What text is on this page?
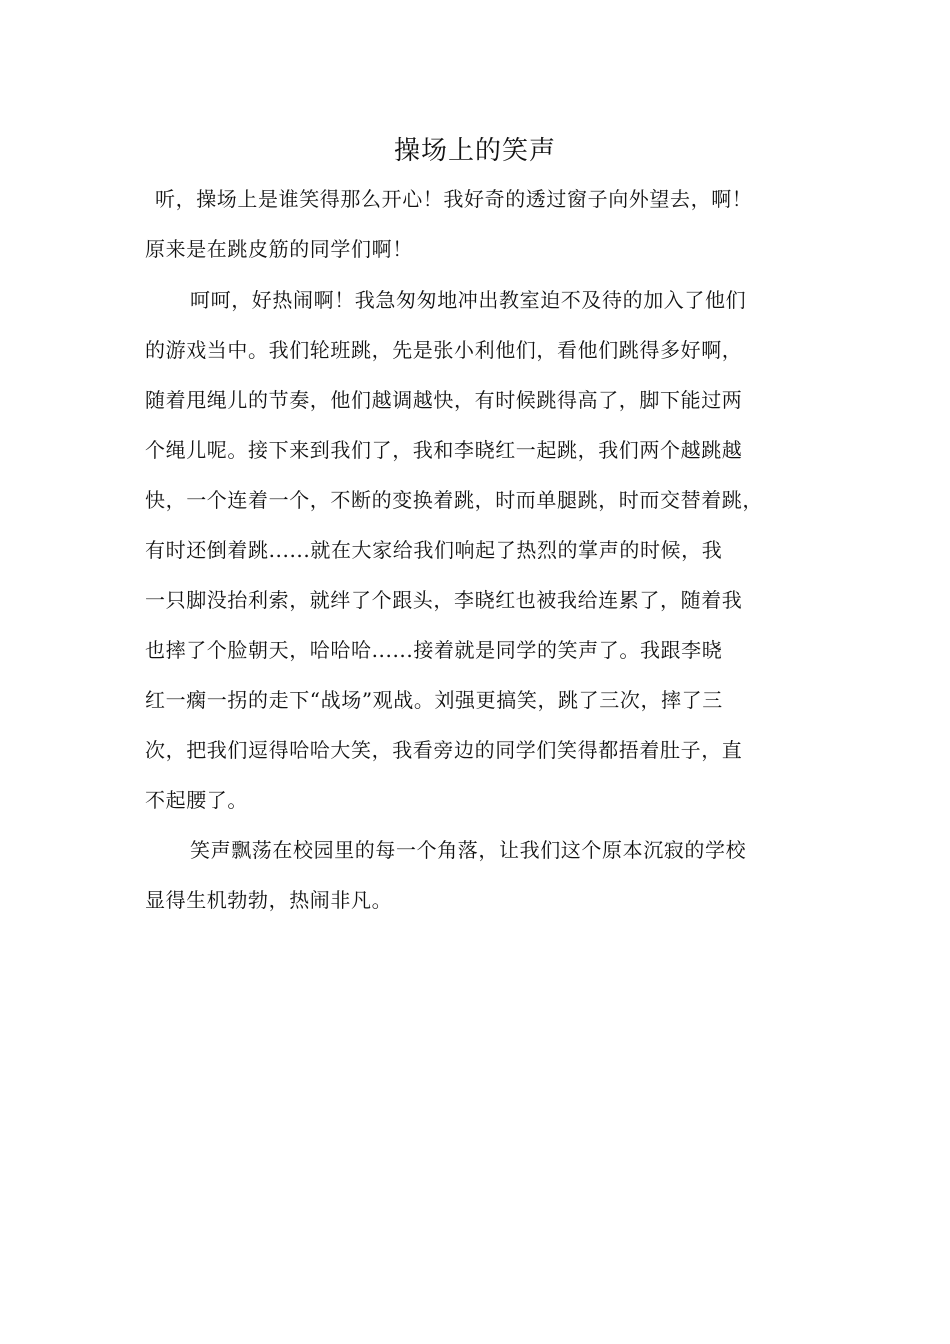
操场上的笑声
听，操场上是谁笑得那么开心！我好奇的透过窗子向外望去，啊！
原来是在跳皮筋的同学们啊！
呵呵，好热闹啊！我急匆匆地冲出教室迫不及待的加入了他们
的游戏当中。我们轮班跳，先是张小利他们，看他们跳得多好啊，
随着甩绳儿的节奏，他们越调越快，有时候跳得高了，脚下能过两
个绳儿呢。接下来到我们了，我和李晓红一起跳，我们两个越跳越
快，一个连着一个，不断的变换着跳，时而单腿跳，时而交替着跳，
有时还倒着跳......就在大家给我们响起了热烈的掌声的时候，我
一只脚没抬利索，就绊了个跟头，李晓红也被我给连累了，随着我
也摔了个脸朝天，哈哈哈......接着就是同学的笑声了。我跟李晓
红一瘸一拐的走下“战场”观战。刘强更搞笑，跳了三次，摔了三
次，把我们逗得哈哈大笑，我看旁边的同学们笑得都捂着肚子，直
不起腰了。
笑声飘荡在校园里的每一个角落，让我们这个原本沉寂的学校
显得生机勃勃，热闹非凡。
